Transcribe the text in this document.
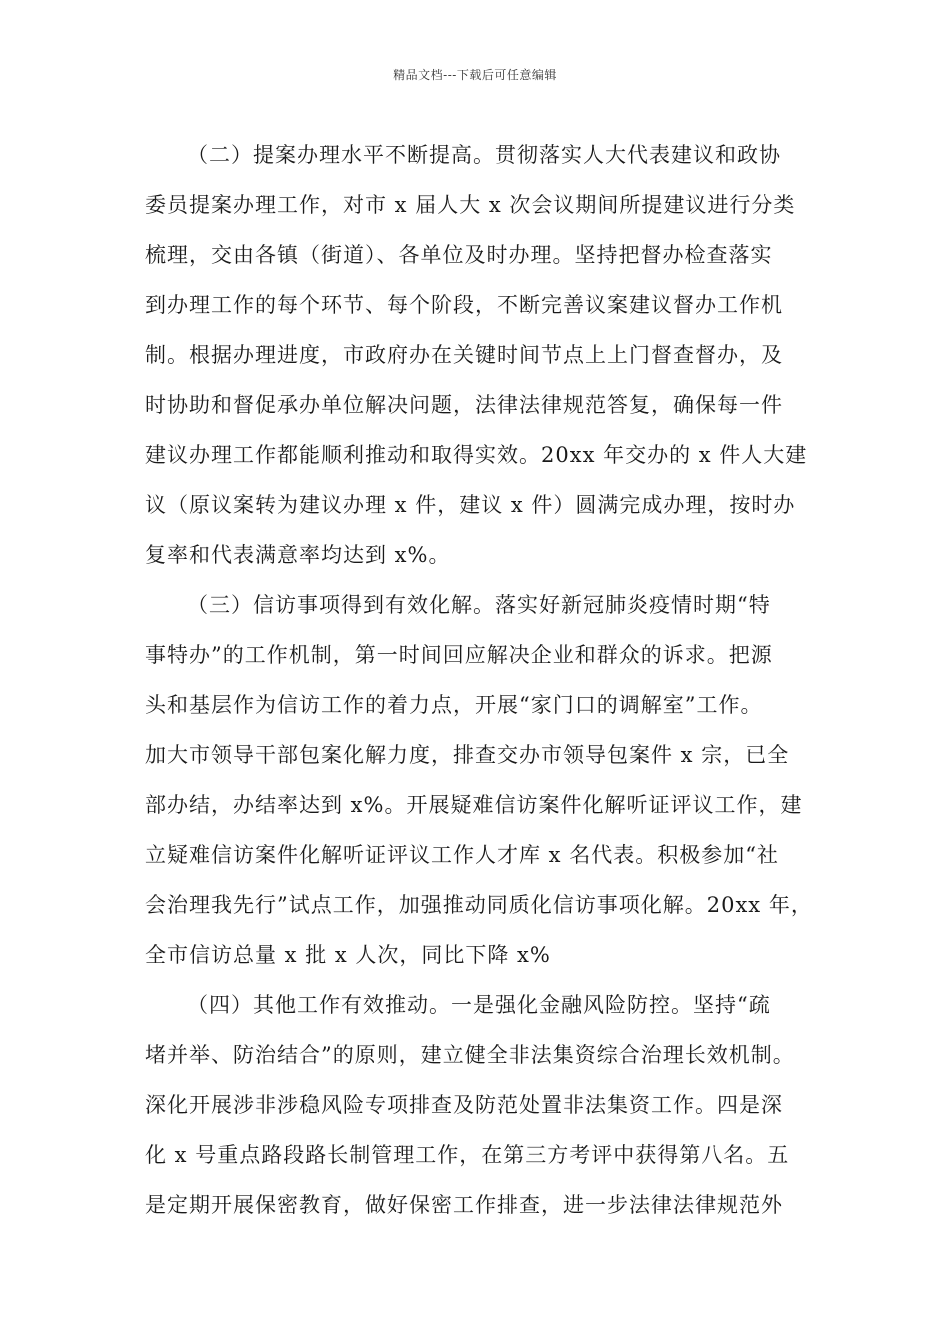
精品文档---下载后可任意编辑

（二）提案办理水平不断提高。贯彻落实人大代表建议和政协
委员提案办理工作，对市 x 届人大 x 次会议期间所提建议进行分类
梳理，交由各镇（街道）、各单位及时办理。坚持把督办检查落实
到办理工作的每个环节、每个阶段，不断完善议案建议督办工作机
制。根据办理进度，市政府办在关键时间节点上上门督查督办，及
时协助和督促承办单位解决问题，法律法律规范答复，确保每一件
建议办理工作都能顺利推动和取得实效。20xx 年交办的 x 件人大建
议（原议案转为建议办理 x 件，建议 x 件）圆满完成办理，按时办
复率和代表满意率均达到 x%。

（三）信访事项得到有效化解。落实好新冠肺炎疫情时期“特
事特办”的工作机制，第一时间回应解决企业和群众的诉求。把源
头和基层作为信访工作的着力点，开展“家门口的调解室”工作。
加大市领导干部包案化解力度，排查交办市领导包案件 x 宗，已全
部办结，办结率达到 x%。开展疑难信访案件化解听证评议工作，建
立疑难信访案件化解听证评议工作人才库 x 名代表。积极参加“社
会治理我先行”试点工作，加强推动同质化信访事项化解。20xx 年，
全市信访总量 x 批 x 人次，同比下降 x%

（四）其他工作有效推动。一是强化金融风险防控。坚持“疏
堵并举、防治结合”的原则，建立健全非法集资综合治理长效机制。
深化开展涉非涉稳风险专项排查及防范处置非法集资工作。四是深
化 x 号重点路段路长制管理工作，在第三方考评中获得第八名。五
是定期开展保密教育，做好保密工作排查，进一步法律法律规范外
